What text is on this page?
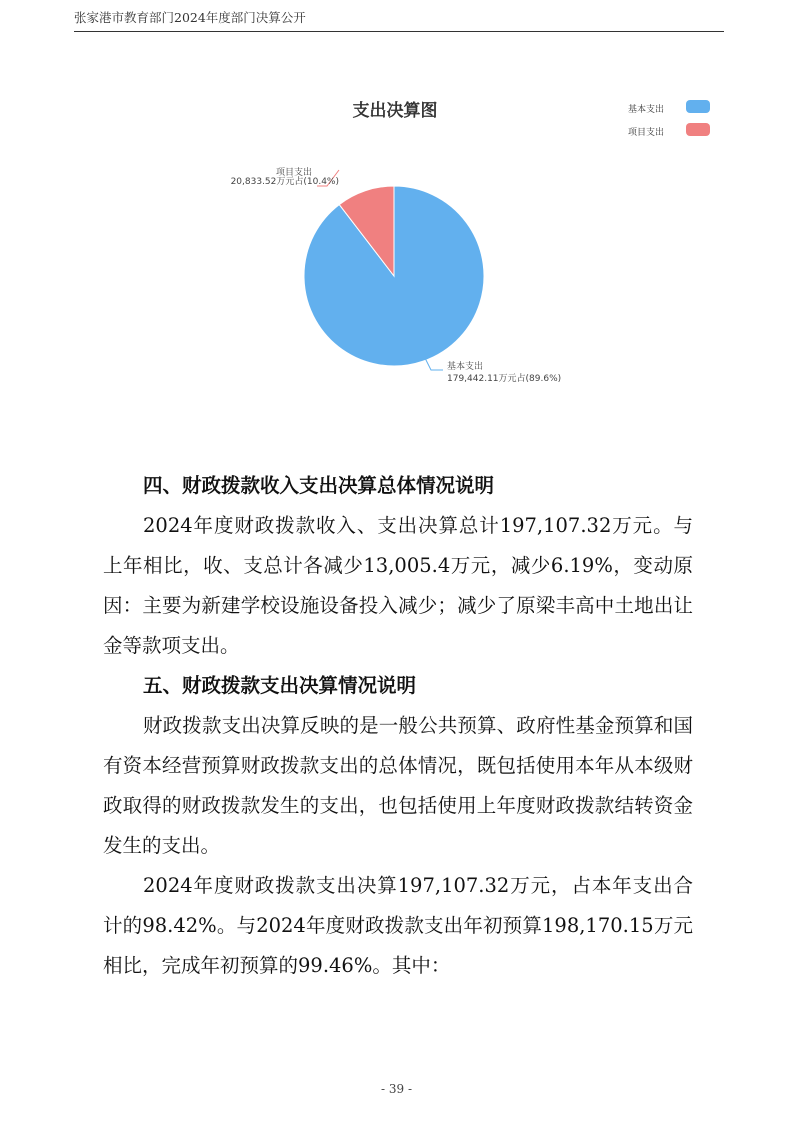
张家港市教育部门2024年度部门决算公开
支出决算图	基本支出
项目支出
项目支出
20,833.52万元占(10.4%)
基本支出
179,442.11万元占(89.6%)
四、财政拨款收入支出决算总体情况说明
2024年度财政拨款收入、支出决算总计197,107.32万元。与上年相比，收、支总计各减少13,005.4万元，减少6.19%，变动原因：主要为新建学校设施设备投入减少；减少了原梁丰高中土地出让金等款项支出。
五、财政拨款支出决算情况说明
财政拨款支出决算反映的是一般公共预算、政府性基金预算和国有资本经营预算财政拨款支出的总体情况，既包括使用本年从本级财政取得的财政拨款发生的支出，也包括使用上年度财政拨款结转资金发生的支出。
2024年度财政拨款支出决算197,107.32万元，占本年支出合计的98.42%。与2024年度财政拨款支出年初预算198,170.15万元相比，完成年初预算的99.46%。其中：
- 39 -
